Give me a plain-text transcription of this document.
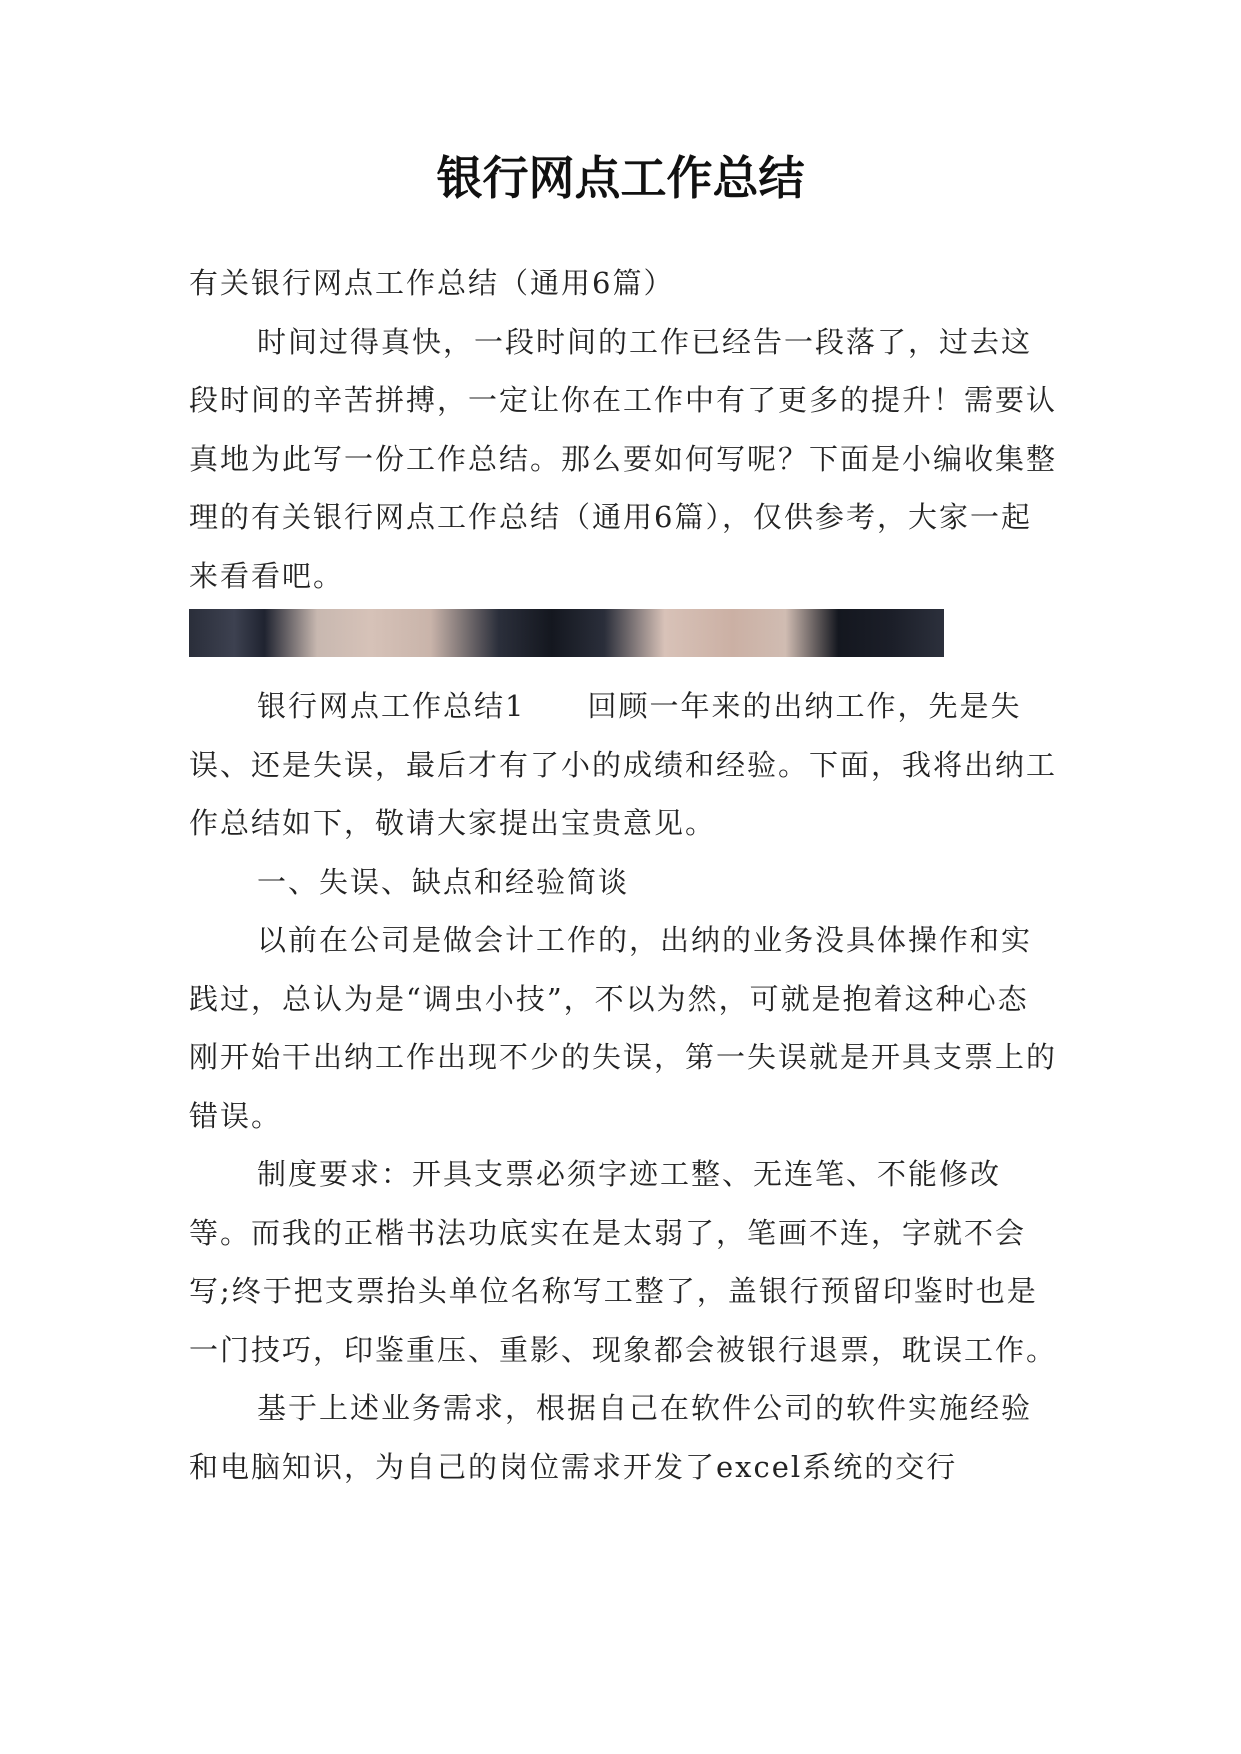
银行网点工作总结

有关银行网点工作总结（通用6篇）

时间过得真快，一段时间的工作已经告一段落了，过去这段时间的辛苦拼搏，一定让你在工作中有了更多的提升！需要认真地为此写一份工作总结。那么要如何写呢？下面是小编收集整理的有关银行网点工作总结（通用6篇），仅供参考，大家一起来看看吧。

银行网点工作总结1　　回顾一年来的出纳工作，先是失误、还是失误，最后才有了小的成绩和经验。下面，我将出纳工作总结如下，敬请大家提出宝贵意见。

一、失误、缺点和经验简谈

以前在公司是做会计工作的，出纳的业务没具体操作和实践过，总认为是“调虫小技”，不以为然，可就是抱着这种心态刚开始干出纳工作出现不少的失误，第一失误就是开具支票上的错误。

制度要求：开具支票必须字迹工整、无连笔、不能修改等。而我的正楷书法功底实在是太弱了，笔画不连，字就不会写;终于把支票抬头单位名称写工整了，盖银行预留印鉴时也是一门技巧，印鉴重压、重影、现象都会被银行退票，耽误工作。

基于上述业务需求，根据自己在软件公司的软件实施经验和电脑知识，为自己的岗位需求开发了excel系统的交行
